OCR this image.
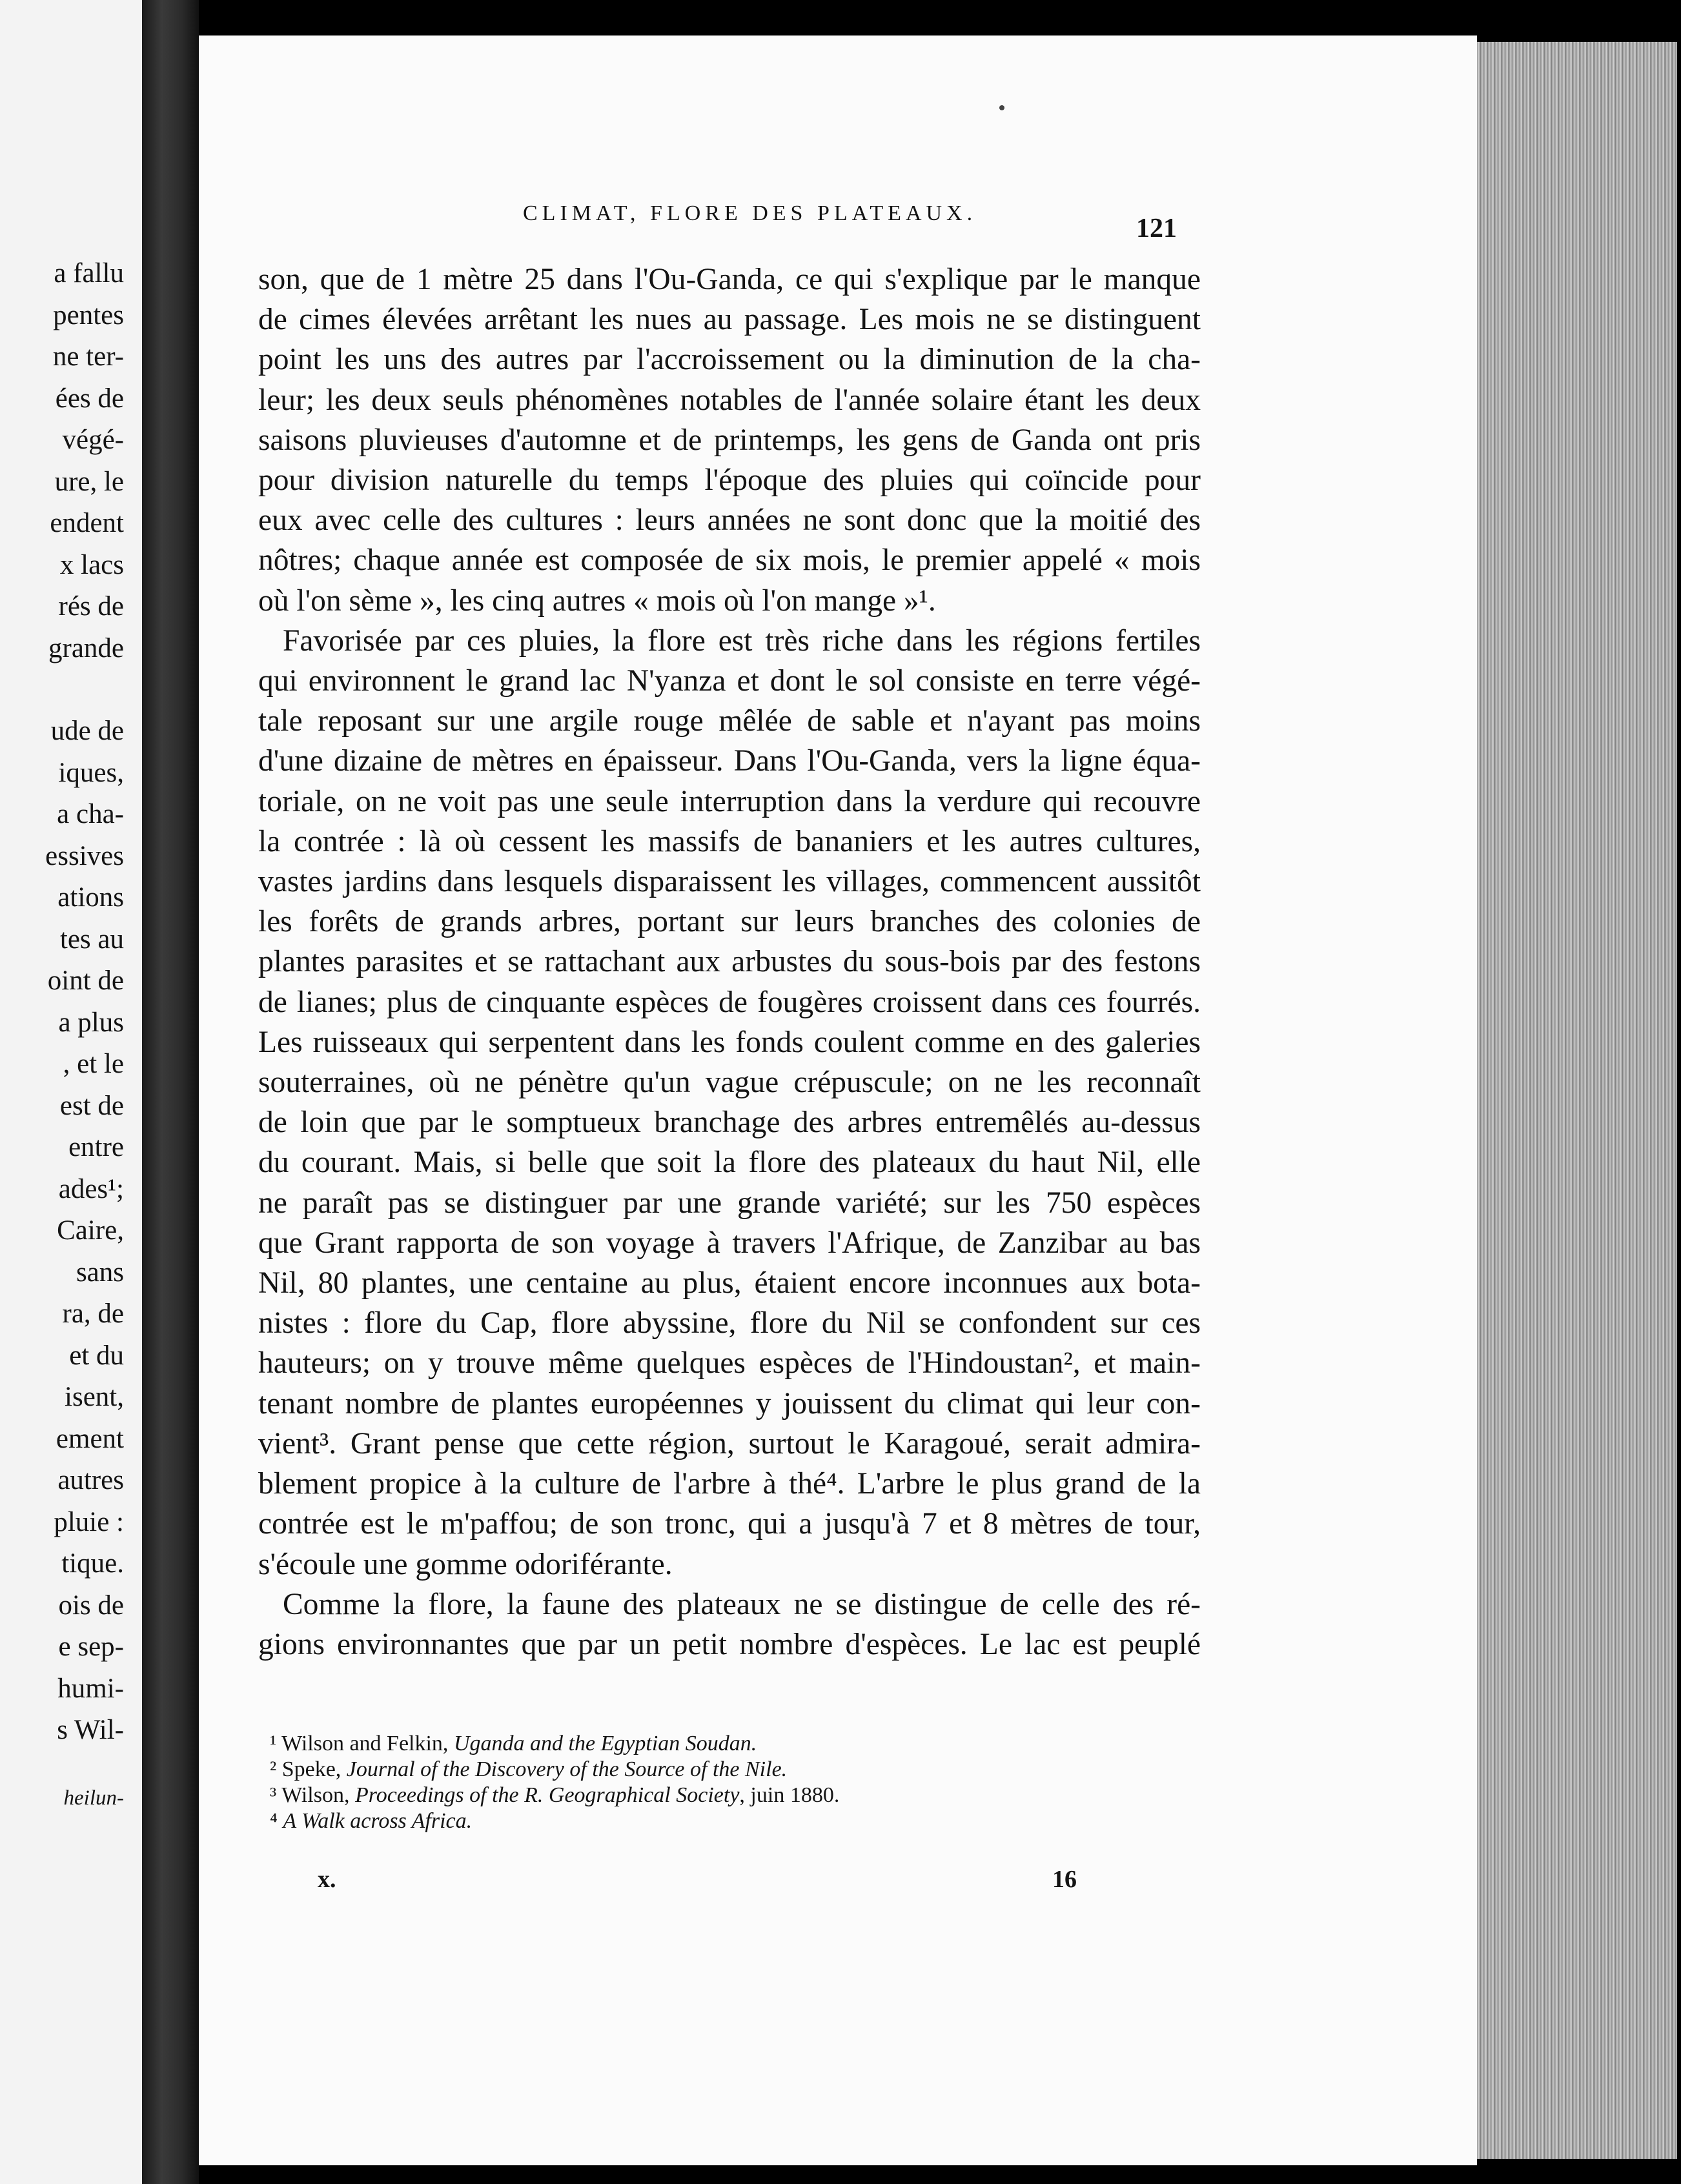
a fallu
pentes
ne ter-
ées de
végé-
ure, le
endent
x lacs
rés de
grande
ude de
iques,
a cha-
essives
ations
tes au
oint de
a plus
, et le
est de
entre
ades¹;
Caire,
sans
ra, de
et du
isent,
ement
autres
pluie :
tique.
ois de
e sep-
humi-
s Wil-
heilun-
CLIMAT, FLORE DES PLATEAUX.
121
son, que de 1 mètre 25 dans l'Ou-Ganda, ce qui s'explique par le manque
de cimes élevées arrêtant les nues au passage. Les mois ne se distinguent
point les uns des autres par l'accroissement ou la diminution de la cha-
leur; les deux seuls phénomènes notables de l'année solaire étant les deux
saisons pluvieuses d'automne et de printemps, les gens de Ganda ont pris
pour division naturelle du temps l'époque des pluies qui coïncide pour
eux avec celle des cultures : leurs années ne sont donc que la moitié des
nôtres; chaque année est composée de six mois, le premier appelé « mois
où l'on sème », les cinq autres « mois où l'on mange »¹.
Favorisée par ces pluies, la flore est très riche dans les régions fertiles
qui environnent le grand lac N'yanza et dont le sol consiste en terre végé-
tale reposant sur une argile rouge mêlée de sable et n'ayant pas moins
d'une dizaine de mètres en épaisseur. Dans l'Ou-Ganda, vers la ligne équa-
toriale, on ne voit pas une seule interruption dans la verdure qui recouvre
la contrée : là où cessent les massifs de bananiers et les autres cultures,
vastes jardins dans lesquels disparaissent les villages, commencent aussitôt
les forêts de grands arbres, portant sur leurs branches des colonies de
plantes parasites et se rattachant aux arbustes du sous-bois par des festons
de lianes; plus de cinquante espèces de fougères croissent dans ces fourrés.
Les ruisseaux qui serpentent dans les fonds coulent comme en des galeries
souterraines, où ne pénètre qu'un vague crépuscule; on ne les reconnaît
de loin que par le somptueux branchage des arbres entremêlés au-dessus
du courant. Mais, si belle que soit la flore des plateaux du haut Nil, elle
ne paraît pas se distinguer par une grande variété; sur les 750 espèces
que Grant rapporta de son voyage à travers l'Afrique, de Zanzibar au bas
Nil, 80 plantes, une centaine au plus, étaient encore inconnues aux bota-
nistes : flore du Cap, flore abyssine, flore du Nil se confondent sur ces
hauteurs; on y trouve même quelques espèces de l'Hindoustan², et main-
tenant nombre de plantes européennes y jouissent du climat qui leur con-
vient³. Grant pense que cette région, surtout le Karagoué, serait admira-
blement propice à la culture de l'arbre à thé⁴. L'arbre le plus grand de la
contrée est le m'paffou; de son tronc, qui a jusqu'à 7 et 8 mètres de tour,
s'écoule une gomme odoriférante.
Comme la flore, la faune des plateaux ne se distingue de celle des ré-
gions environnantes que par un petit nombre d'espèces. Le lac est peuplé
¹ Wilson and Felkin, Uganda and the Egyptian Soudan.
² Speke, Journal of the Discovery of the Source of the Nile.
³ Wilson, Proceedings of the R. Geographical Society, juin 1880.
⁴ A Walk across Africa.
x.	16
